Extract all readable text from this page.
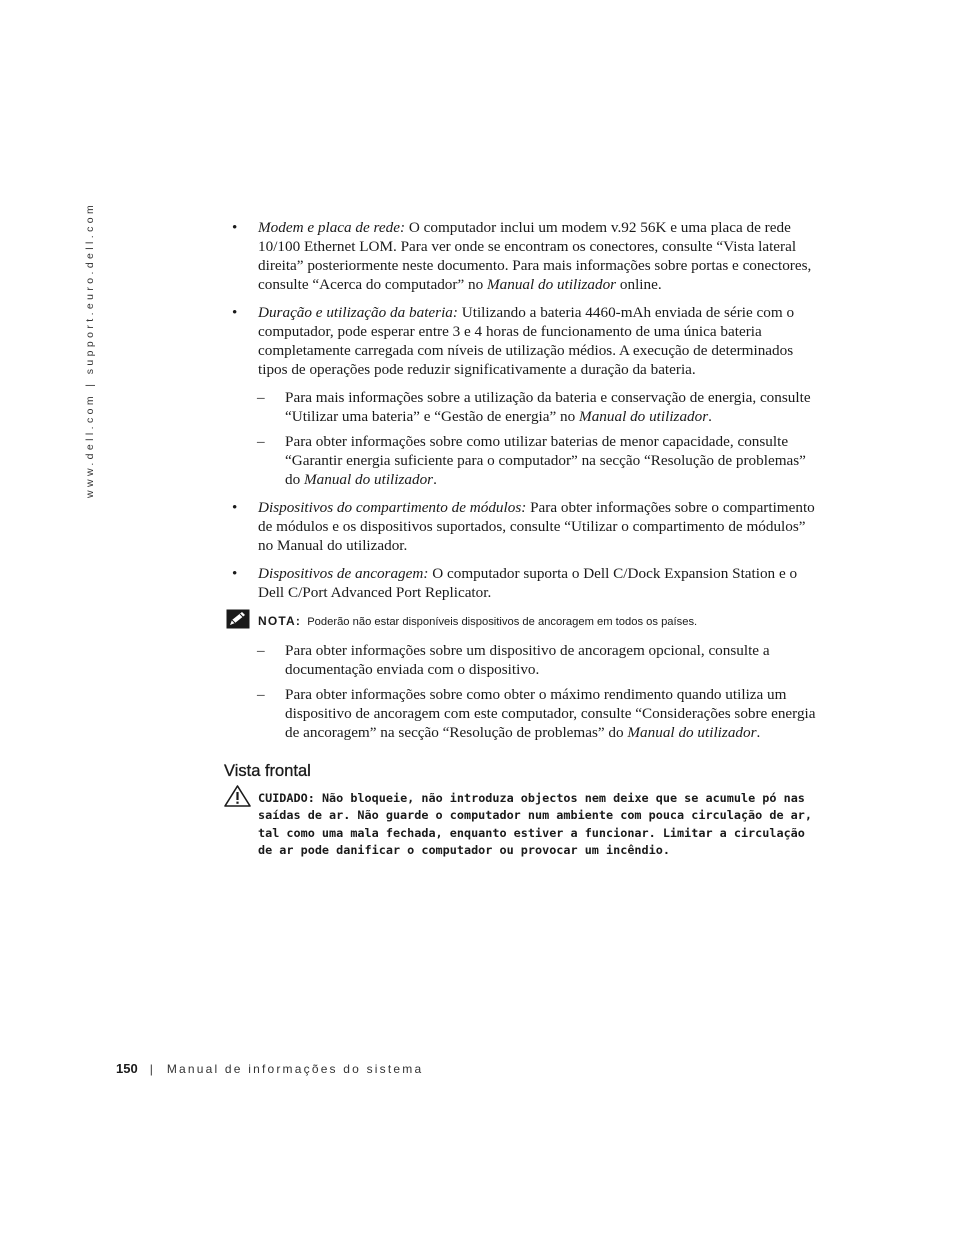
www.dell.com | support.euro.dell.com	• Modem e placa de rede: O computador inclui um modem v.92 56K e uma placa de rede 10/100 Ethernet LOM. Para ver onde se encontram os conectores, consulte “Vista lateral direita” posteriormente neste documento. Para mais informações sobre portas e conectores, consulte “Acerca do computador” no Manual do utilizador online.
• Duração e utilização da bateria: Utilizando a bateria 4460-mAh enviada de série com o computador, pode esperar entre 3 e 4 horas de funcionamento de uma única bateria completamente carregada com níveis de utilização médios. A execução de determinados tipos de operações pode reduzir significativamente a duração da bateria.
– Para mais informações sobre a utilização da bateria e conservação de energia, consulte “Utilizar uma bateria” e “Gestão de energia” no Manual do utilizador.
– Para obter informações sobre como utilizar baterias de menor capacidade, consulte “Garantir energia suficiente para o computador” na secção “Resolução de problemas” do Manual do utilizador.
• Dispositivos do compartimento de módulos: Para obter informações sobre o compartimento de módulos e os dispositivos suportados, consulte “Utilizar o compartimento de módulos” no Manual do utilizador.
• Dispositivos de ancoragem: O computador suporta o Dell C/Dock Expansion Station e o Dell C/Port Advanced Port Replicator.
NOTA: Poderão não estar disponíveis dispositivos de ancoragem em todos os países.
– Para obter informações sobre um dispositivo de ancoragem opcional, consulte a documentação enviada com o dispositivo.
– Para obter informações sobre como obter o máximo rendimento quando utiliza um dispositivo de ancoragem com este computador, consulte “Considerações sobre energia de ancoragem” na secção “Resolução de problemas” do Manual do utilizador.
Vista frontal
CUIDADO: Não bloqueie, não introduza objectos nem deixe que se acumule pó nas saídas de ar. Não guarde o computador num ambiente com pouca circulação de ar, tal como uma mala fechada, enquanto estiver a funcionar. Limitar a circulação de ar pode danificar o computador ou provocar um incêndio.
150 | Manual de informações do sistema
